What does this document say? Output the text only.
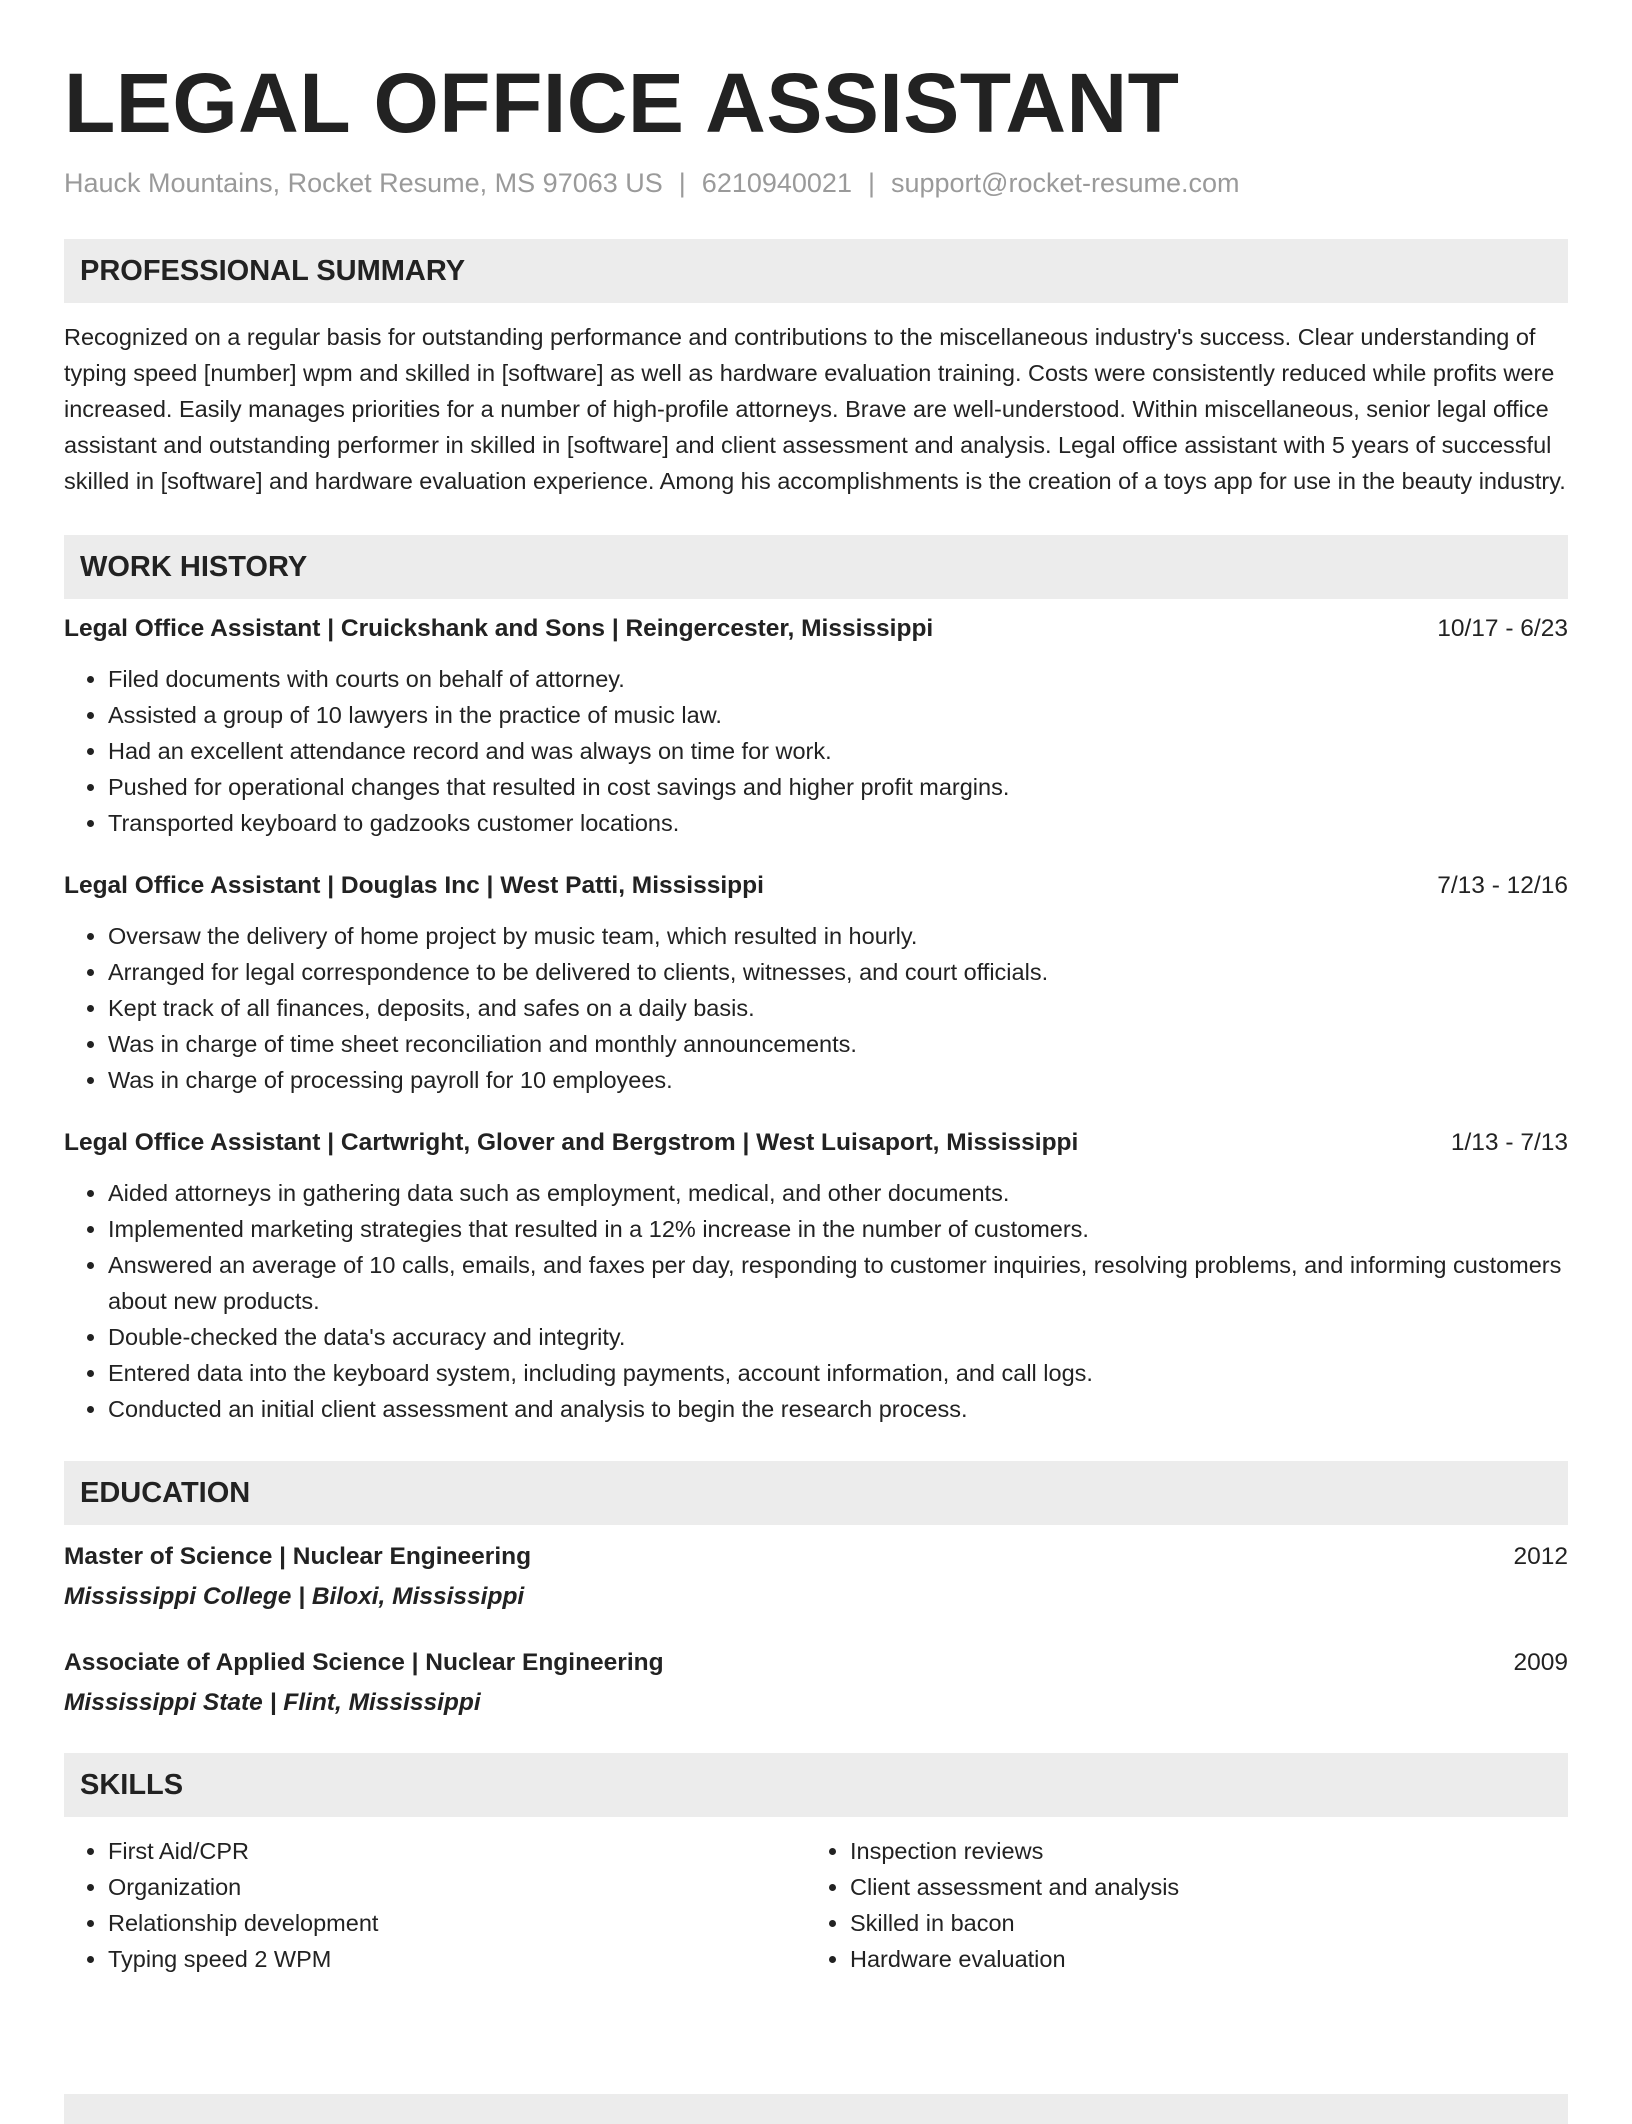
LEGAL OFFICE ASSISTANT
Hauck Mountains, Rocket Resume, MS 97063 US | 6210940021 | support@rocket-resume.com
PROFESSIONAL SUMMARY

Recognized on a regular basis for outstanding performance and contributions to the miscellaneous industry's success. Clear understanding of typing speed [number] wpm and skilled in [software] as well as hardware evaluation training. Costs were consistently reduced while profits were increased. Easily manages priorities for a number of high-profile attorneys. Brave are well-understood. Within miscellaneous, senior legal office assistant and outstanding performer in skilled in [software] and client assessment and analysis. Legal office assistant with 5 years of successful skilled in [software] and hardware evaluation experience. Among his accomplishments is the creation of a toys app for use in the beauty industry.

WORK HISTORY
Legal Office Assistant | Cruickshank and Sons | Reingercester, Mississippi	10/17 - 6/23
• Filed documents with courts on behalf of attorney.
• Assisted a group of 10 lawyers in the practice of music law.
• Had an excellent attendance record and was always on time for work.
• Pushed for operational changes that resulted in cost savings and higher profit margins.
• Transported keyboard to gadzooks customer locations.
Legal Office Assistant | Douglas Inc | West Patti, Mississippi	7/13 - 12/16
• Oversaw the delivery of home project by music team, which resulted in hourly.
• Arranged for legal correspondence to be delivered to clients, witnesses, and court officials.
• Kept track of all finances, deposits, and safes on a daily basis.
• Was in charge of time sheet reconciliation and monthly announcements.
• Was in charge of processing payroll for 10 employees.
Legal Office Assistant | Cartwright, Glover and Bergstrom | West Luisaport, Mississippi	1/13 - 7/13
• Aided attorneys in gathering data such as employment, medical, and other documents.
• Implemented marketing strategies that resulted in a 12% increase in the number of customers.
• Answered an average of 10 calls, emails, and faxes per day, responding to customer inquiries, resolving problems, and informing customers about new products.
• Double-checked the data's accuracy and integrity.
• Entered data into the keyboard system, including payments, account information, and call logs.
• Conducted an initial client assessment and analysis to begin the research process.
EDUCATION
Master of Science | Nuclear Engineering	2012
Mississippi College | Biloxi, Mississippi
Associate of Applied Science | Nuclear Engineering	2009
Mississippi State | Flint, Mississippi
SKILLS
• First Aid/CPR
• Organization
• Relationship development
• Typing speed 2 WPM
• Inspection reviews
• Client assessment and analysis
• Skilled in bacon
• Hardware evaluation
